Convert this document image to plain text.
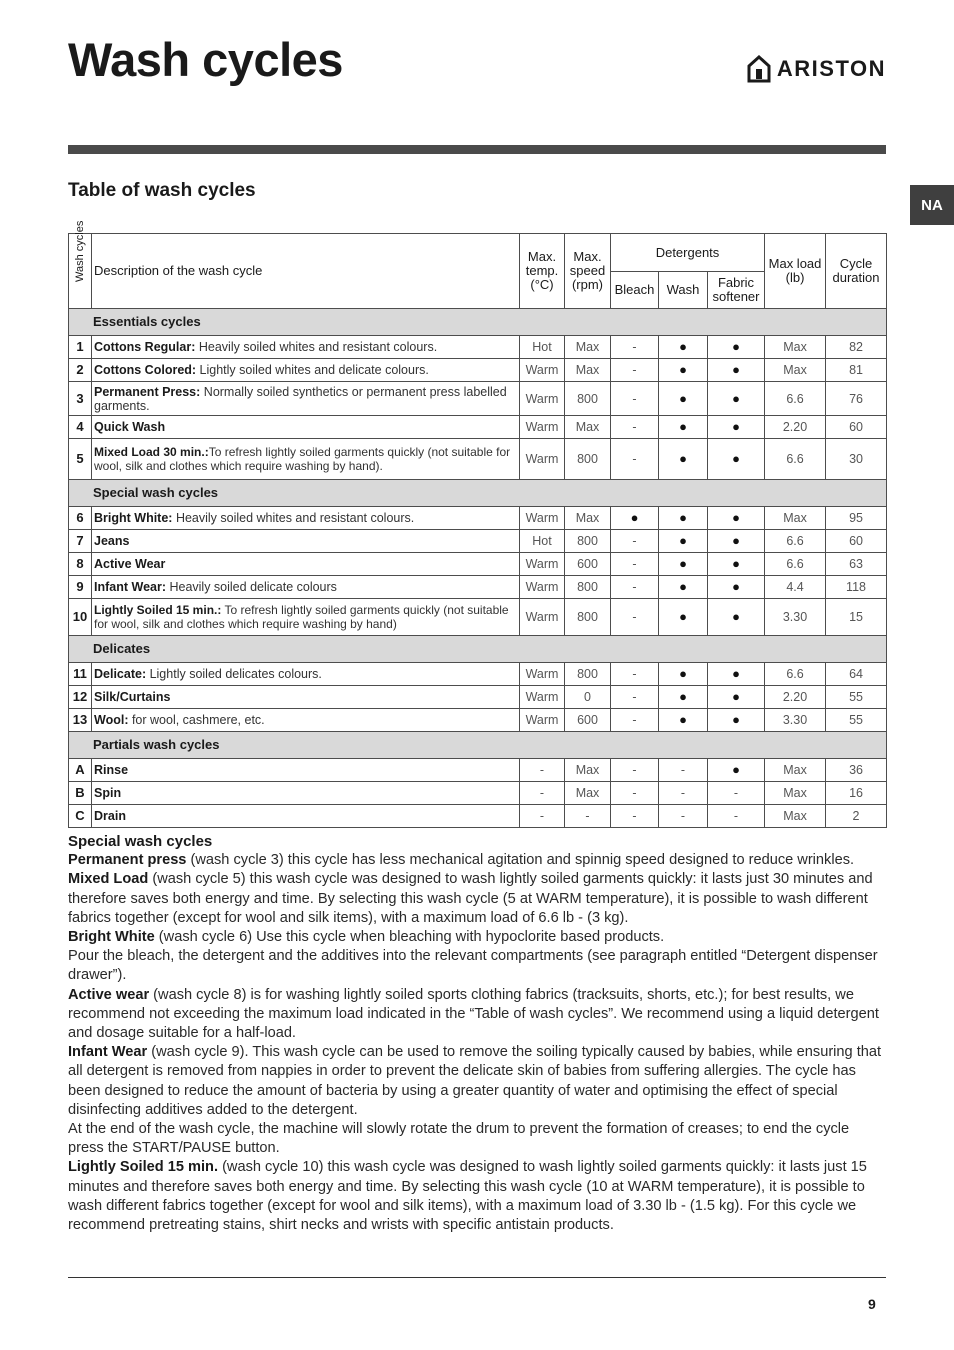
Wash cycles	ARISTON
Table of wash cycles
NA
Wash cycles	Description of the wash cycle	Max. temp. (°C)	Max. speed (rpm)	Detergents			Max load (lb)	Cycle duration
				Bleach	Wash	Fabric softener		
Essentials cycles								
1	Cottons Regular: Heavily soiled whites and resistant colours.	Hot	Max	-	●	●	Max	82
2	Cottons Colored: Lightly soiled whites and delicate colours.	Warm	Max	-	●	●	Max	81
3	Permanent Press: Normally soiled synthetics or permanent press labelled garments.	Warm	800	-	●	●	6.6	76
4	Quick Wash	Warm	Max	-	●	●	2.20	60
5	Mixed Load 30 min.:To refresh lightly soiled garments quickly (not suitable for wool, silk and clothes which require washing by hand).	Warm	800	-	●	●	6.6	30
Special wash cycles								
6	Bright White: Heavily soiled whites and resistant colours.	Warm	Max	●	●	●	Max	95
7	Jeans	Hot	800	-	●	●	6.6	60
8	Active Wear	Warm	600	-	●	●	6.6	63
9	Infant Wear: Heavily soiled delicate colours	Warm	800	-	●	●	4.4	118
10	Lightly Soiled 15 min.: To refresh lightly soiled garments quickly (not suitable for wool, silk and clothes which require washing by hand)	Warm	800	-	●	●	3.30	15
Delicates								
11	Delicate: Lightly soiled delicates colours.	Warm	800	-	●	●	6.6	64
12	Silk/Curtains	Warm	0	-	●	●	2.20	55
13	Wool: for wool, cashmere, etc.	Warm	600	-	●	●	3.30	55
Partials wash cycles								
A	Rinse	-	Max	-	-	●	Max	36
B	Spin	-	Max	-	-	-	Max	16
C	Drain	-	-	-	-	-	Max	2

Special wash cycles

Permanent press (wash cycle 3) this cycle has less mechanical agitation and spinnig speed designed to reduce wrinkles.

Mixed Load (wash cycle 5) this wash cycle was designed to wash lightly soiled garments quickly: it lasts just 30 minutes and therefore saves both energy and time. By selecting this wash cycle (5 at WARM temperature), it is possible to wash different fabrics together (except for wool and silk items), with a maximum load of 6.6 lb - (3 kg).

Bright White (wash cycle 6) Use this cycle when bleaching with hypoclorite based products.

Pour the bleach, the detergent and the additives into the relevant compartments (see paragraph entitled “Detergent dispenser drawer”).

Active wear (wash cycle 8) is for washing lightly soiled sports clothing fabrics (tracksuits, shorts, etc.); for best results, we recommend not exceeding the maximum load indicated in the “Table of wash cycles”. We recommend using a liquid detergent and dosage suitable for a half-load.

Infant Wear (wash cycle 9). This wash cycle can be used to remove the soiling typically caused by babies, while ensuring that all detergent is removed from nappies in order to prevent the delicate skin of babies from suffering allergies. The cycle has been designed to reduce the amount of bacteria by using a greater quantity of water and optimising the effect of special disinfecting additives added to the detergent.

At the end of the wash cycle, the machine will slowly rotate the drum to prevent the formation of creases; to end the cycle press the START/PAUSE button.

Lightly Soiled 15 min. (wash cycle 10) this wash cycle was designed to wash lightly soiled garments quickly: it lasts just 15 minutes and therefore saves both energy and time. By selecting this wash cycle (10 at WARM temperature), it is possible to wash different fabrics together (except for wool and silk items), with a maximum load of 3.30 lb - (1.5 kg). For this cycle we recommend pretreating stains, shirt necks and wrists with specific antistain products.

9
